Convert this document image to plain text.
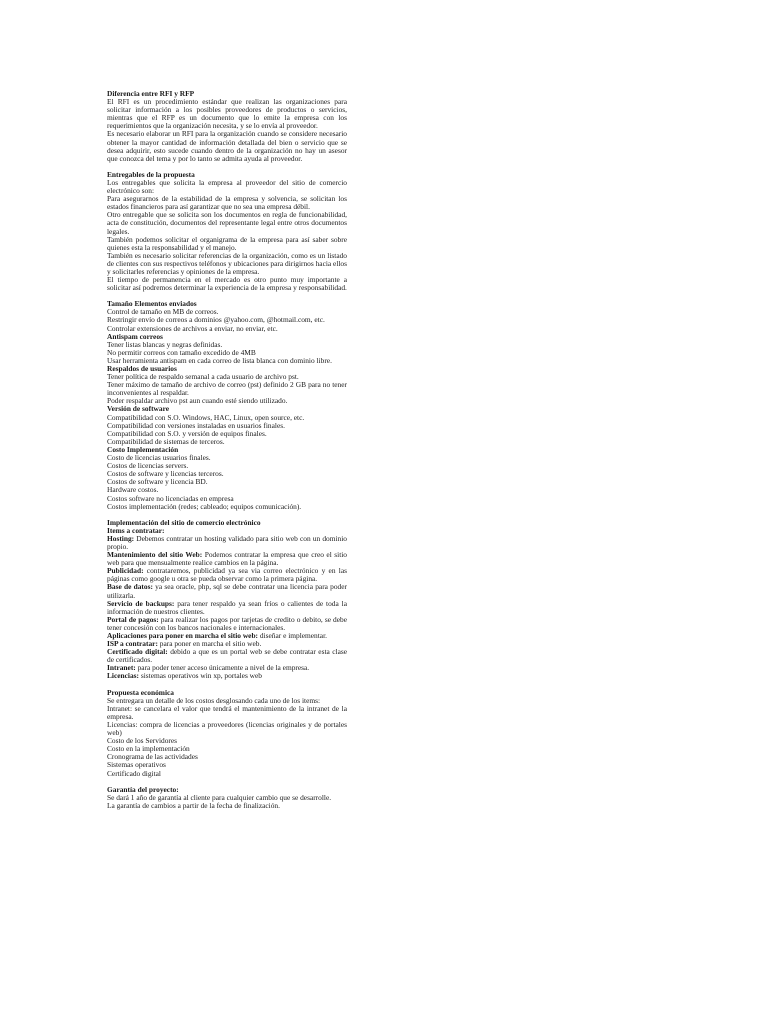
Diferencia entre RFI y RFP
El RFI es un procedimiento estándar que realizan las organizaciones para solicitar información a los posibles proveedores de productos o servicios, mientras que el RFP es un documento que lo emite la empresa con los requerimientos que la organización necesita, y se lo envía al proveedor.
Es necesario elaborar un RFI para la organización cuando se considere necesario obtener la mayor cantidad de información detallada del bien o servicio que se desea adquirir, esto sucede cuando dentro de la organización no hay un asesor que conozca del tema y por lo tanto se admita ayuda al proveedor.
Entregables de la propuesta
Los entregables que solicita la empresa al proveedor del sitio de comercio electrónico son:
Para asegurarnos de la estabilidad de la empresa y solvencia, se solicitan los estados financieros para así garantizar que no sea una empresa débil.
Otro entregable que se solicita son los documentos en regla de funcionabilidad, acta de constitución, documentos del representante legal entre otros documentos legales.
También podemos solicitar el organigrama de la empresa para así saber sobre quienes esta la responsabilidad y el manejo.
También es necesario solicitar referencias de la organización, como es un listado de clientes con sus respectivos teléfonos y ubicaciones para dirigirnos hacia ellos y solicitarles referencias y opiniones de la empresa.
El tiempo de permanencia en el mercado es otro punto muy importante a solicitar así podremos determinar la experiencia de la empresa y responsabilidad.
Tamaño Elementos enviados
Control de tamaño en MB de correos.
Restringir envío de correos a dominios @yahoo.com, @hotmail.com, etc.
Controlar extensiones de archivos a enviar, no enviar, etc.
Antispam correos
Tener listas blancas y negras definidas.
No permitir correos con tamaño excedido de 4MB
Usar herramienta antispam en cada correo de lista blanca con dominio libre.
Respaldos de usuarios
Tener política de respaldo semanal a cada usuario de archivo pst.
Tener máximo de tamaño de archivo de correo (pst) definido 2 GB para no tener inconvenientes al respaldar.
Poder respaldar archivo pst aun cuando esté siendo utilizado.
Versión de software
Compatibilidad con S.O. Windows, HAC, Linux, open source, etc.
Compatibilidad con versiones instaladas en usuarios finales.
Compatibilidad con S.O. y versión de equipos finales.
Compatibilidad de sistemas de terceros.
Costo Implementación
Costo de licencias usuarios finales.
Costos de licencias servers.
Costos de software y licencias terceros.
Costos de software y licencia BD.
Hardware costos.
Costos software no licenciadas en empresa
Costos implementación (redes; cableado; equipos comunicación).
Implementación del sitio de comercio electrónico
Items a contratar:
Hosting: Debemos contratar un hosting validado para sitio web con un dominio propio.
Mantenimiento del sitio Web: Podemos contratar la empresa que creo el sitio web para que mensualmente realice cambios en la página.
Publicidad: contrataremos, publicidad ya sea via correo electrónico y en las páginas como google u otra se pueda observar como la primera página.
Base de datos: ya sea oracle, php, sql se debe contratar una licencia para poder utilizarla.
Servicio de backups: para tener respaldo ya sean fríos o calientes de toda la información de nuestros clientes.
Portal de pagos: para realizar los pagos por tarjetas de credito o debito, se debe tener concesión con los bancos nacionales e internacionales.
Aplicaciones para poner en marcha el sitio web: diseñar e implementar.
ISP a contratar: para poner en marcha el sitio web.
Certificado digital: debido a que es un portal web se debe contratar esta clase de certificados.
Intranet: para poder tener acceso únicamente a nivel de la empresa.
Licencias: sistemas operativos win xp, portales web
Propuesta económica
Se entregara un detalle de los costos desglosando cada uno de los items:
Intranet: se cancelara el valor que tendrá el mantenimiento de la intranet de la empresa.
Licencias: compra de licencias a proveedores (licencias originales y de portales web)
Costo de los Servidores
Costo en la implementación
Cronograma de las actividades
Sistemas operativos
Certificado digital
Garantía del proyecto:
Se dará 1 año de garantía al cliente para cualquier cambio que se desarrolle.
La garantía de cambios a partir de la fecha de finalización.
